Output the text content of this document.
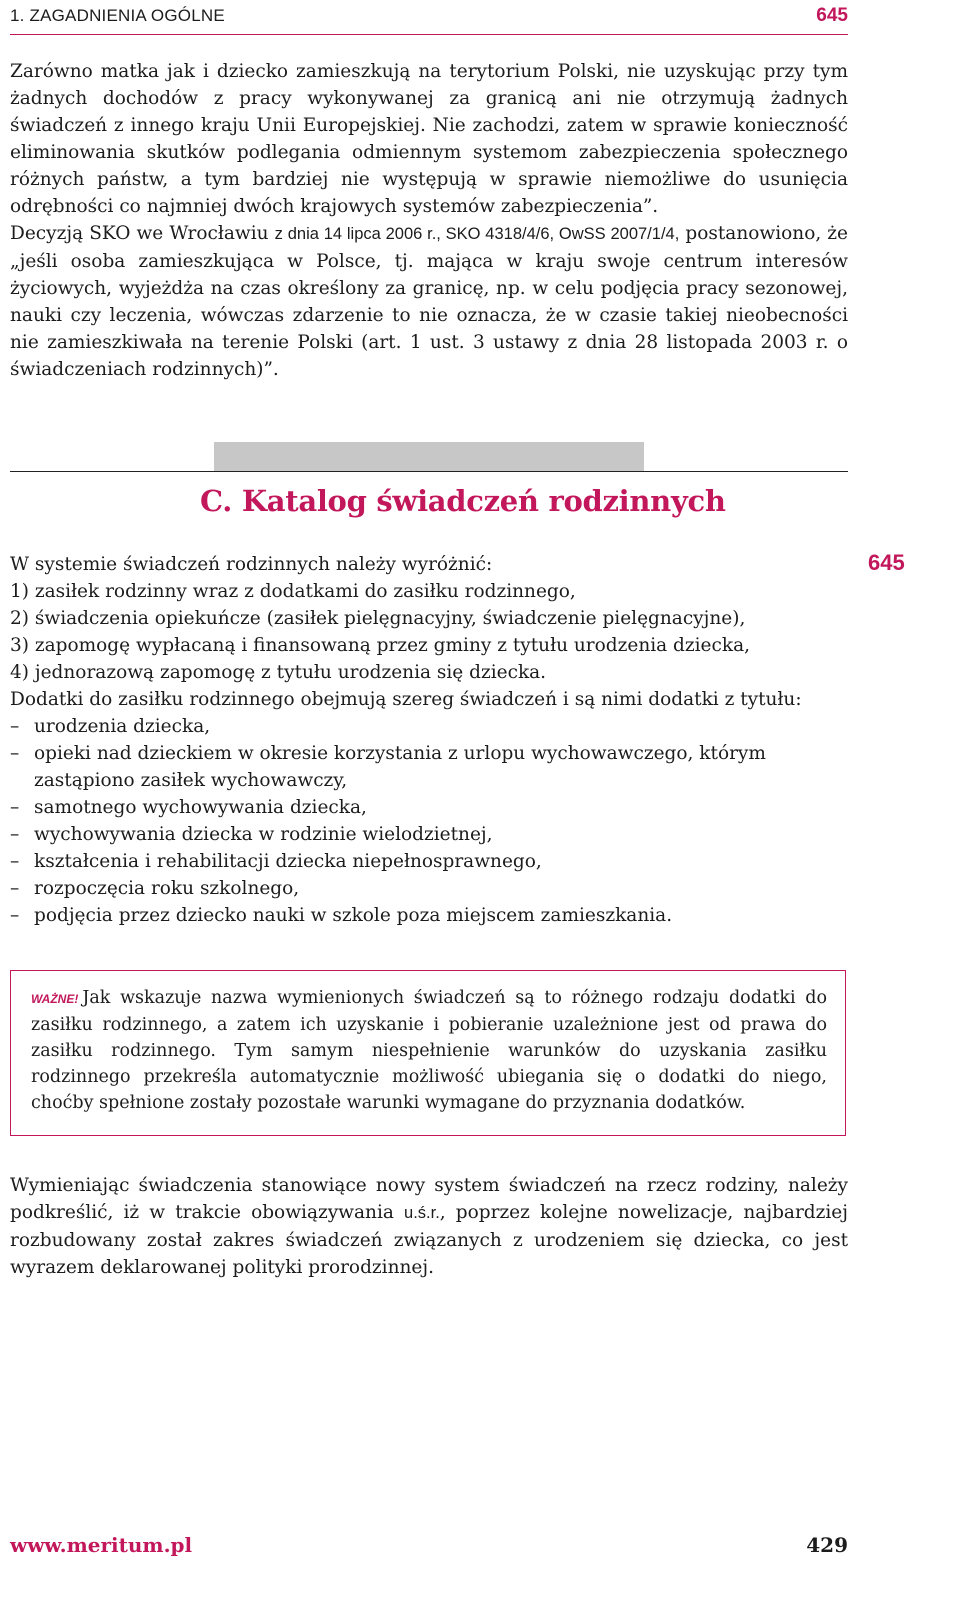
1. ZAGADNIENIA OGÓLNE	645

Zarówno matka jak i dziecko zamieszkują na terytorium Polski, nie uzyskując przy tym żadnych dochodów z pracy wykonywanej za granicą ani nie otrzymują żadnych świadczeń z innego kraju Unii Europejskiej. Nie zachodzi, zatem w sprawie konieczność eliminowania skutków podlegania odmiennym systemom zabezpieczenia społecznego różnych państw, a tym bardziej nie występują w sprawie niemożliwe do usunięcia odrębności co najmniej dwóch krajowych systemów zabezpieczenia”.

Decyzją SKO we Wrocławiu z dnia 14 lipca 2006 r., SKO 4318/4/6, OwSS 2007/1/4, postanowiono, że „jeśli osoba zamieszkująca w Polsce, tj. mająca w kraju swoje centrum interesów życiowych, wyjeżdża na czas określony za granicę, np. w celu podjęcia pracy sezonowej, nauki czy leczenia, wówczas zdarzenie to nie oznacza, że w czasie takiej nieobecności nie zamieszkiwała na terenie Polski (art. 1 ust. 3 ustawy z dnia 28 listopada 2003 r. o świadczeniach rodzinnych)”.

C. Katalog świadczeń rodzinnych
645

W systemie świadczeń rodzinnych należy wyróżnić:

1) zasiłek rodzinny wraz z dodatkami do zasiłku rodzinnego,

2) świadczenia opiekuńcze (zasiłek pielęgnacyjny, świadczenie pielęgnacyjne),

3) zapomogę wypłacaną i finansowaną przez gminy z tytułu urodzenia dziecka,

4) jednorazową zapomogę z tytułu urodzenia się dziecka.

Dodatki do zasiłku rodzinnego obejmują szereg świadczeń i są nimi dodatki z tytułu:

– urodzenia dziecka,
– opieki nad dzieckiem w okresie korzystania z urlopu wychowawczego, którym zastąpiono zasiłek wychowawczy,
– samotnego wychowywania dziecka,
– wychowywania dziecka w rodzinie wielodzietnej,
– kształcenia i rehabilitacji dziecka niepełnosprawnego,
– rozpoczęcia roku szkolnego,
– podjęcia przez dziecko nauki w szkole poza miejscem zamieszkania.
WAŻNE! Jak wskazuje nazwa wymienionych świadczeń są to różnego rodzaju dodatki do zasiłku rodzinnego, a zatem ich uzyskanie i pobieranie uzależnione jest od prawa do zasiłku rodzinnego. Tym samym niespełnienie warunków do uzyskania zasiłku rodzinnego przekreśla automatycznie możliwość ubiegania się o dodatki do niego, choćby spełnione zostały pozostałe warunki wymagane do przyznania dodatków.

Wymieniając świadczenia stanowiące nowy system świadczeń na rzecz rodziny, należy podkreślić, iż w trakcie obowiązywania u.ś.r., poprzez kolejne nowelizacje, najbardziej rozbudowany został zakres świadczeń związanych z urodzeniem się dziecka, co jest wyrazem deklarowanej polityki prorodzinnej.

www.meritum.pl	429
